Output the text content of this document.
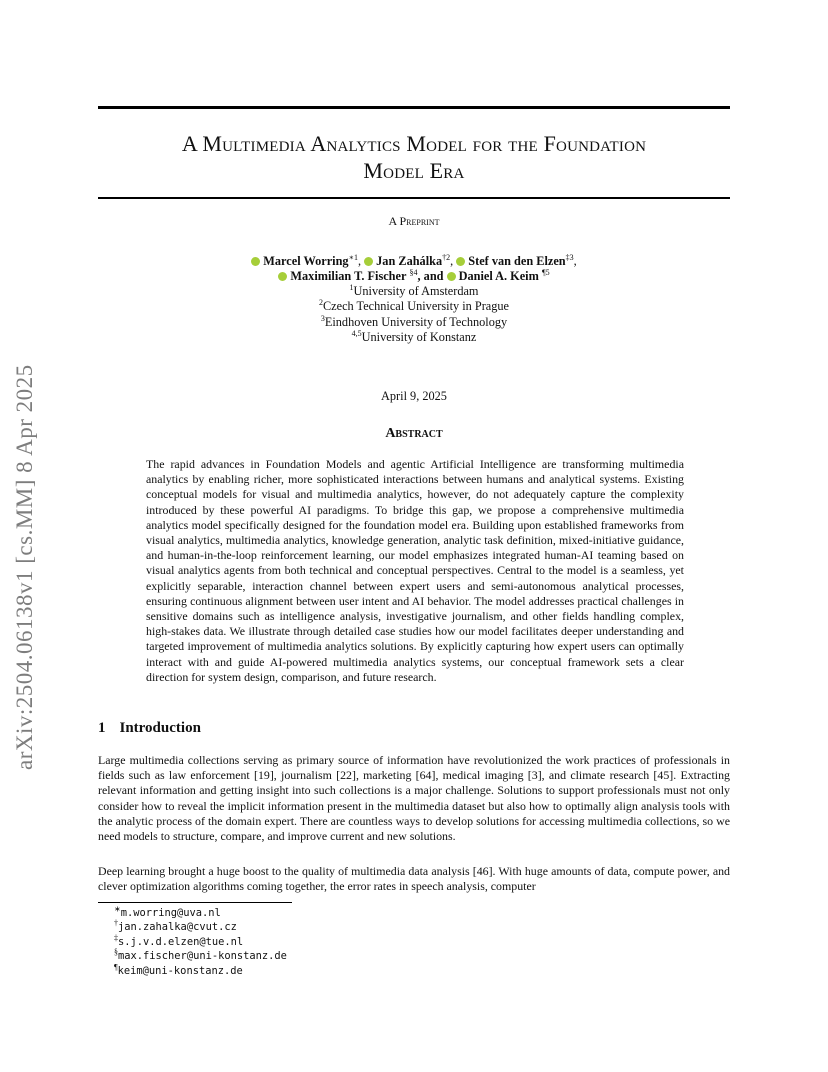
arXiv:2504.06138v1 [cs.MM] 8 Apr 2025
A Multimedia Analytics Model for the Foundation
Model Era
A Preprint
Marcel Worring$^{∗1}$, Jan Zahálka$^{\dagger 2}$, Stef van den Elzen$^{\ddagger 3}$,
Maximilian T. Fischer $^{\S 4}$, and Daniel A. Keim $^{\P 5}$
$^1$University of Amsterdam
$^2$Czech Technical University in Prague
$^3$Eindhoven University of Technology
$^{4,5}$University of Konstanz
April 9, 2025
Abstract
The rapid advances in Foundation Models and agentic Artificial Intelligence are transforming multimedia analytics by enabling richer, more sophisticated interactions between humans and analytical systems. Existing conceptual models for visual and multimedia analytics, however, do not adequately capture the complexity introduced by these powerful AI paradigms. To bridge this gap, we propose a comprehensive multimedia analytics model specifically designed for the foundation model era. Building upon established frameworks from visual analytics, multimedia analytics, knowledge generation, analytic task definition, mixed-initiative guidance, and human-in-the-loop reinforcement learning, our model emphasizes integrated human-AI teaming based on visual analytics agents from both technical and conceptual perspectives. Central to the model is a seamless, yet explicitly separable, interaction channel between expert users and semi-autonomous analytical processes, ensuring continuous alignment between user intent and AI behavior. The model addresses practical challenges in sensitive domains such as intelligence analysis, investigative journalism, and other fields handling complex, high-stakes data. We illustrate through detailed case studies how our model facilitates deeper understanding and targeted improvement of multimedia analytics solutions. By explicitly capturing how expert users can optimally interact with and guide AI-powered multimedia analytics systems, our conceptual framework sets a clear direction for system design, comparison, and future research.
1 Introduction
Large multimedia collections serving as primary source of information have revolutionized the work practices of professionals in fields such as law enforcement [19], journalism [22], marketing [64], medical imaging [3], and climate research [45]. Extracting relevant information and getting insight into such collections is a major challenge. Solutions to support professionals must not only consider how to reveal the implicit information present in the multimedia dataset but also how to optimally align analysis tools with the analytic process of the domain expert. There are countless ways to develop solutions for accessing multimedia collections, so we need models to structure, compare, and improve current and new solutions.
Deep learning brought a huge boost to the quality of multimedia data analysis [46]. With huge amounts of data, compute power, and clever optimization algorithms coming together, the error rates in speech analysis, computer
∗m.worring@uva.nl
†jan.zahalka@cvut.cz
‡s.j.v.d.elzen@tue.nl
§max.fischer@uni-konstanz.de
¶keim@uni-konstanz.de
